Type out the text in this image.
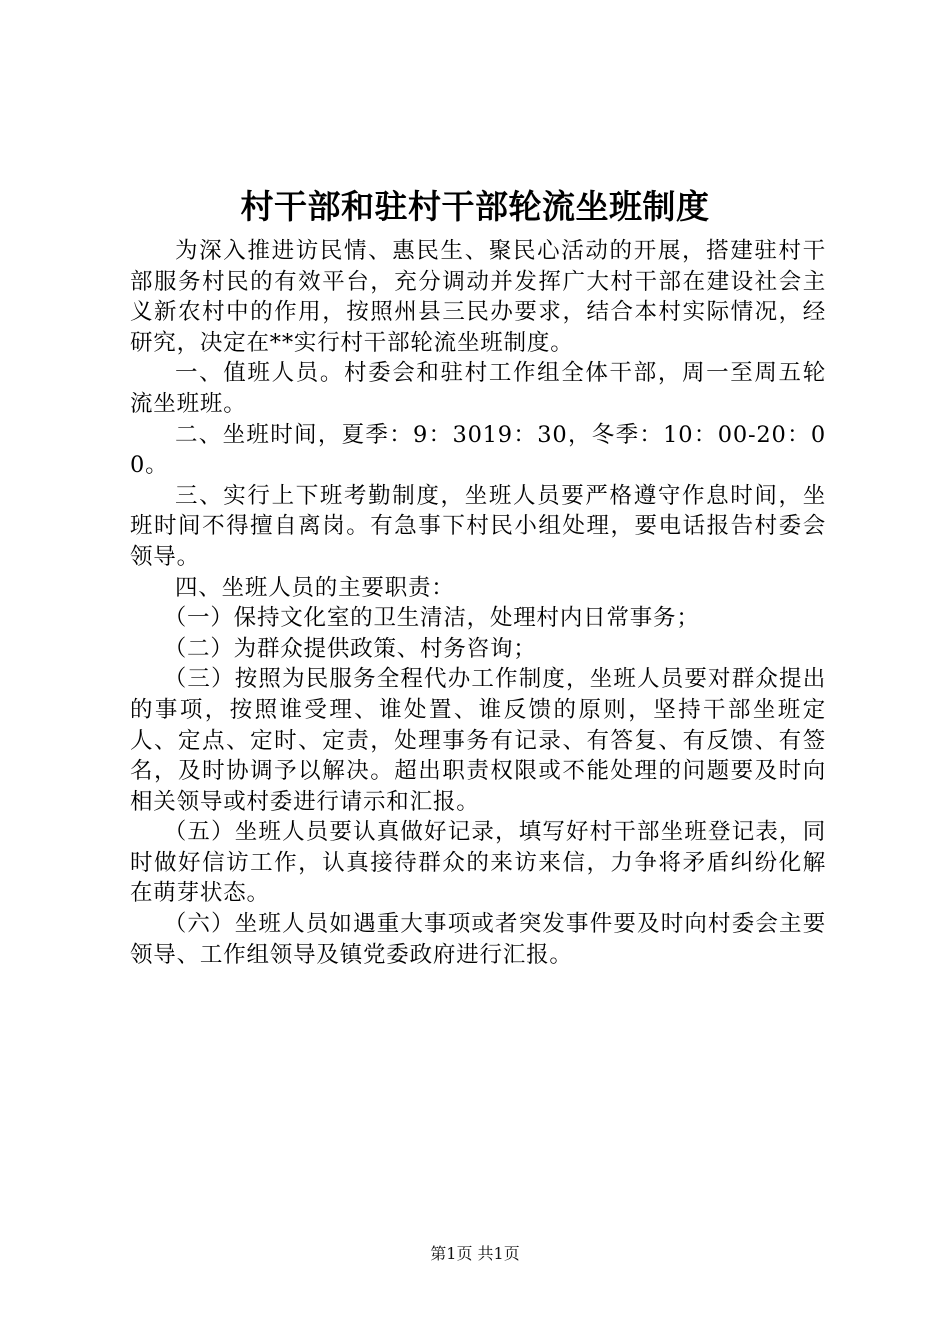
村干部和驻村干部轮流坐班制度

为深入推进访民情、惠民生、聚民心活动的开展，搭建驻村干部服务村民的有效平台，充分调动并发挥广大村干部在建设社会主义新农村中的作用，按照州县三民办要求，结合本村实际情况，经研究，决定在**实行村干部轮流坐班制度。

一、值班人员。村委会和驻村工作组全体干部，周一至周五轮流坐班班。

二、坐班时间，夏季：9：3019：30，冬季：10：00-20：00。

三、实行上下班考勤制度，坐班人员要严格遵守作息时间，坐班时间不得擅自离岗。有急事下村民小组处理，要电话报告村委会领导。

四、坐班人员的主要职责：

（一）保持文化室的卫生清洁，处理村内日常事务；

（二）为群众提供政策、村务咨询；

（三）按照为民服务全程代办工作制度，坐班人员要对群众提出的事项，按照谁受理、谁处置、谁反馈的原则，坚持干部坐班定人、定点、定时、定责，处理事务有记录、有答复、有反馈、有签名，及时协调予以解决。超出职责权限或不能处理的问题要及时向相关领导或村委进行请示和汇报。

（五）坐班人员要认真做好记录，填写好村干部坐班登记表，同时做好信访工作，认真接待群众的来访来信，力争将矛盾纠纷化解在萌芽状态。

（六）坐班人员如遇重大事项或者突发事件要及时向村委会主要领导、工作组领导及镇党委政府进行汇报。

第1页 共1页
